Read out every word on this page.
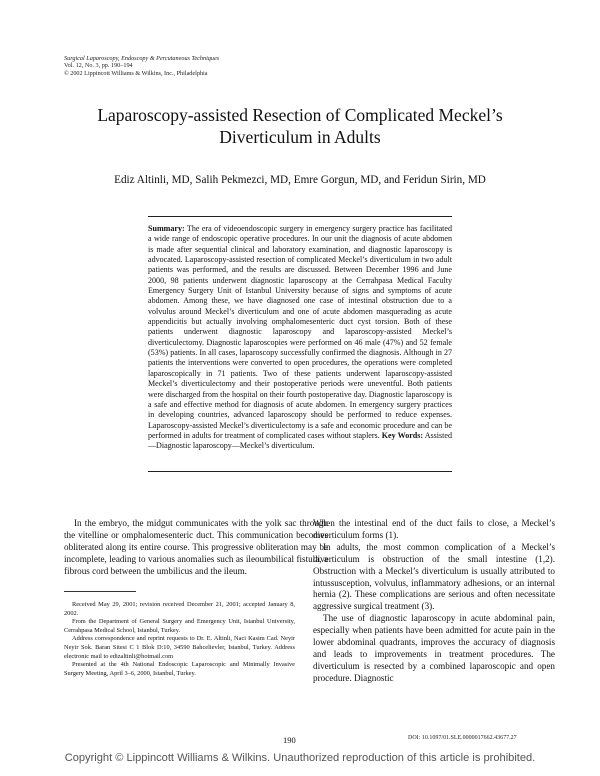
Surgical Laparoscopy, Endoscopy & Percutaneous Techniques
Vol. 12, No. 3, pp. 190–194
© 2002 Lippincott Williams & Wilkins, Inc., Philadelphia
Laparoscopy-assisted Resection of Complicated Meckel’s
Diverticulum in Adults
Ediz Altinli, MD, Salih Pekmezci, MD, Emre Gorgun, MD, and Feridun Sirin, MD
Summary: The era of videoendoscopic surgery in emergency surgery practice has facilitated a wide range of endoscopic operative procedures. In our unit the diagnosis of acute abdomen is made after sequential clinical and laboratory examination, and diagnostic laparoscopy is advocated. Laparoscopy-assisted resection of complicated Meckel’s diverticulum in two adult patients was performed, and the results are discussed. Between December 1996 and June 2000, 98 patients underwent diagnostic laparoscopy at the Cerrahpasa Medical Faculty Emergency Surgery Unit of Istanbul University because of signs and symptoms of acute abdomen. Among these, we have diagnosed one case of intestinal obstruction due to a volvulus around Meckel’s diverticulum and one of acute abdomen masquerading as acute appendicitis but actually involving omphalomesenteric duct cyst torsion. Both of these patients underwent diagnostic laparoscopy and laparoscopy-assisted Meckel’s diverticulectomy. Diagnostic laparoscopies were performed on 46 male (47%) and 52 female (53%) patients. In all cases, laparoscopy successfully confirmed the diagnosis. Although in 27 patients the interventions were converted to open procedures, the operations were completed laparoscopically in 71 patients. Two of these patients underwent laparoscopy-assisted Meckel’s diverticulectomy and their postoperative periods were uneventful. Both patients were discharged from the hospital on their fourth postoperative day. Diagnostic laparoscopy is a safe and effective method for diagnosis of acute abdomen. In emergency surgery practices in developing countries, advanced laparoscopy should be performed to reduce expenses. Laparoscopy-assisted Meckel’s diverticulectomy is a safe and economic procedure and can be performed in adults for treatment of complicated cases without staplers. Key Words: Assisted—Diagnostic laparoscopy—Meckel’s diverticulum.

In the embryo, the midgut communicates with the yolk sac through the vitelline or omphalomesenteric duct. This communication becomes obliterated along its entire course. This progressive obliteration may be incomplete, leading to various anomalies such as ileoumbilical fistula, a fibrous cord between the umbilicus and the ileum.

When the intestinal end of the duct fails to close, a Meckel’s diverticulum forms (1).

In adults, the most common complication of a Meckel’s diverticulum is obstruction of the small intestine (1,2). Obstruction with a Meckel’s diverticulum is usually attributed to intussusception, volvulus, inflammatory adhesions, or an internal hernia (2). These complications are serious and often necessitate aggressive surgical treatment (3).

The use of diagnostic laparoscopy in acute abdominal pain, especially when patients have been admitted for acute pain in the lower abdominal quadrants, improves the accuracy of diagnosis and leads to improvements in treatment procedures. The diverticulum is resected by a combined laparoscopic and open procedure. Diagnostic

Received May 29, 2001; revision received December 21, 2001; accepted January 8, 2002.

From the Department of General Surgery and Emergency Unit, Istanbul University, Cerrahpasa Medical School, Istanbul, Turkey.

Address correspondence and reprint requests to Dr. E. Altinli, Naci Kasim Cad. Neyir Neyir Sok. Baran Sitesi C 1 Blok D:10, 34590 Bahcelievler, Istanbul, Turkey. Address electronic mail to edizaltinli@hotmail.com

Presented at the 4th National Endoscopic Laparoscopic and Minimally Invasive Surgery Meeting, April 3–6, 2000, Istanbul, Turkey.

190	DOI: 10.1097/01.SLE.0000017662.43677.27
Copyright © Lippincott Williams & Wilkins. Unauthorized reproduction of this article is prohibited.
